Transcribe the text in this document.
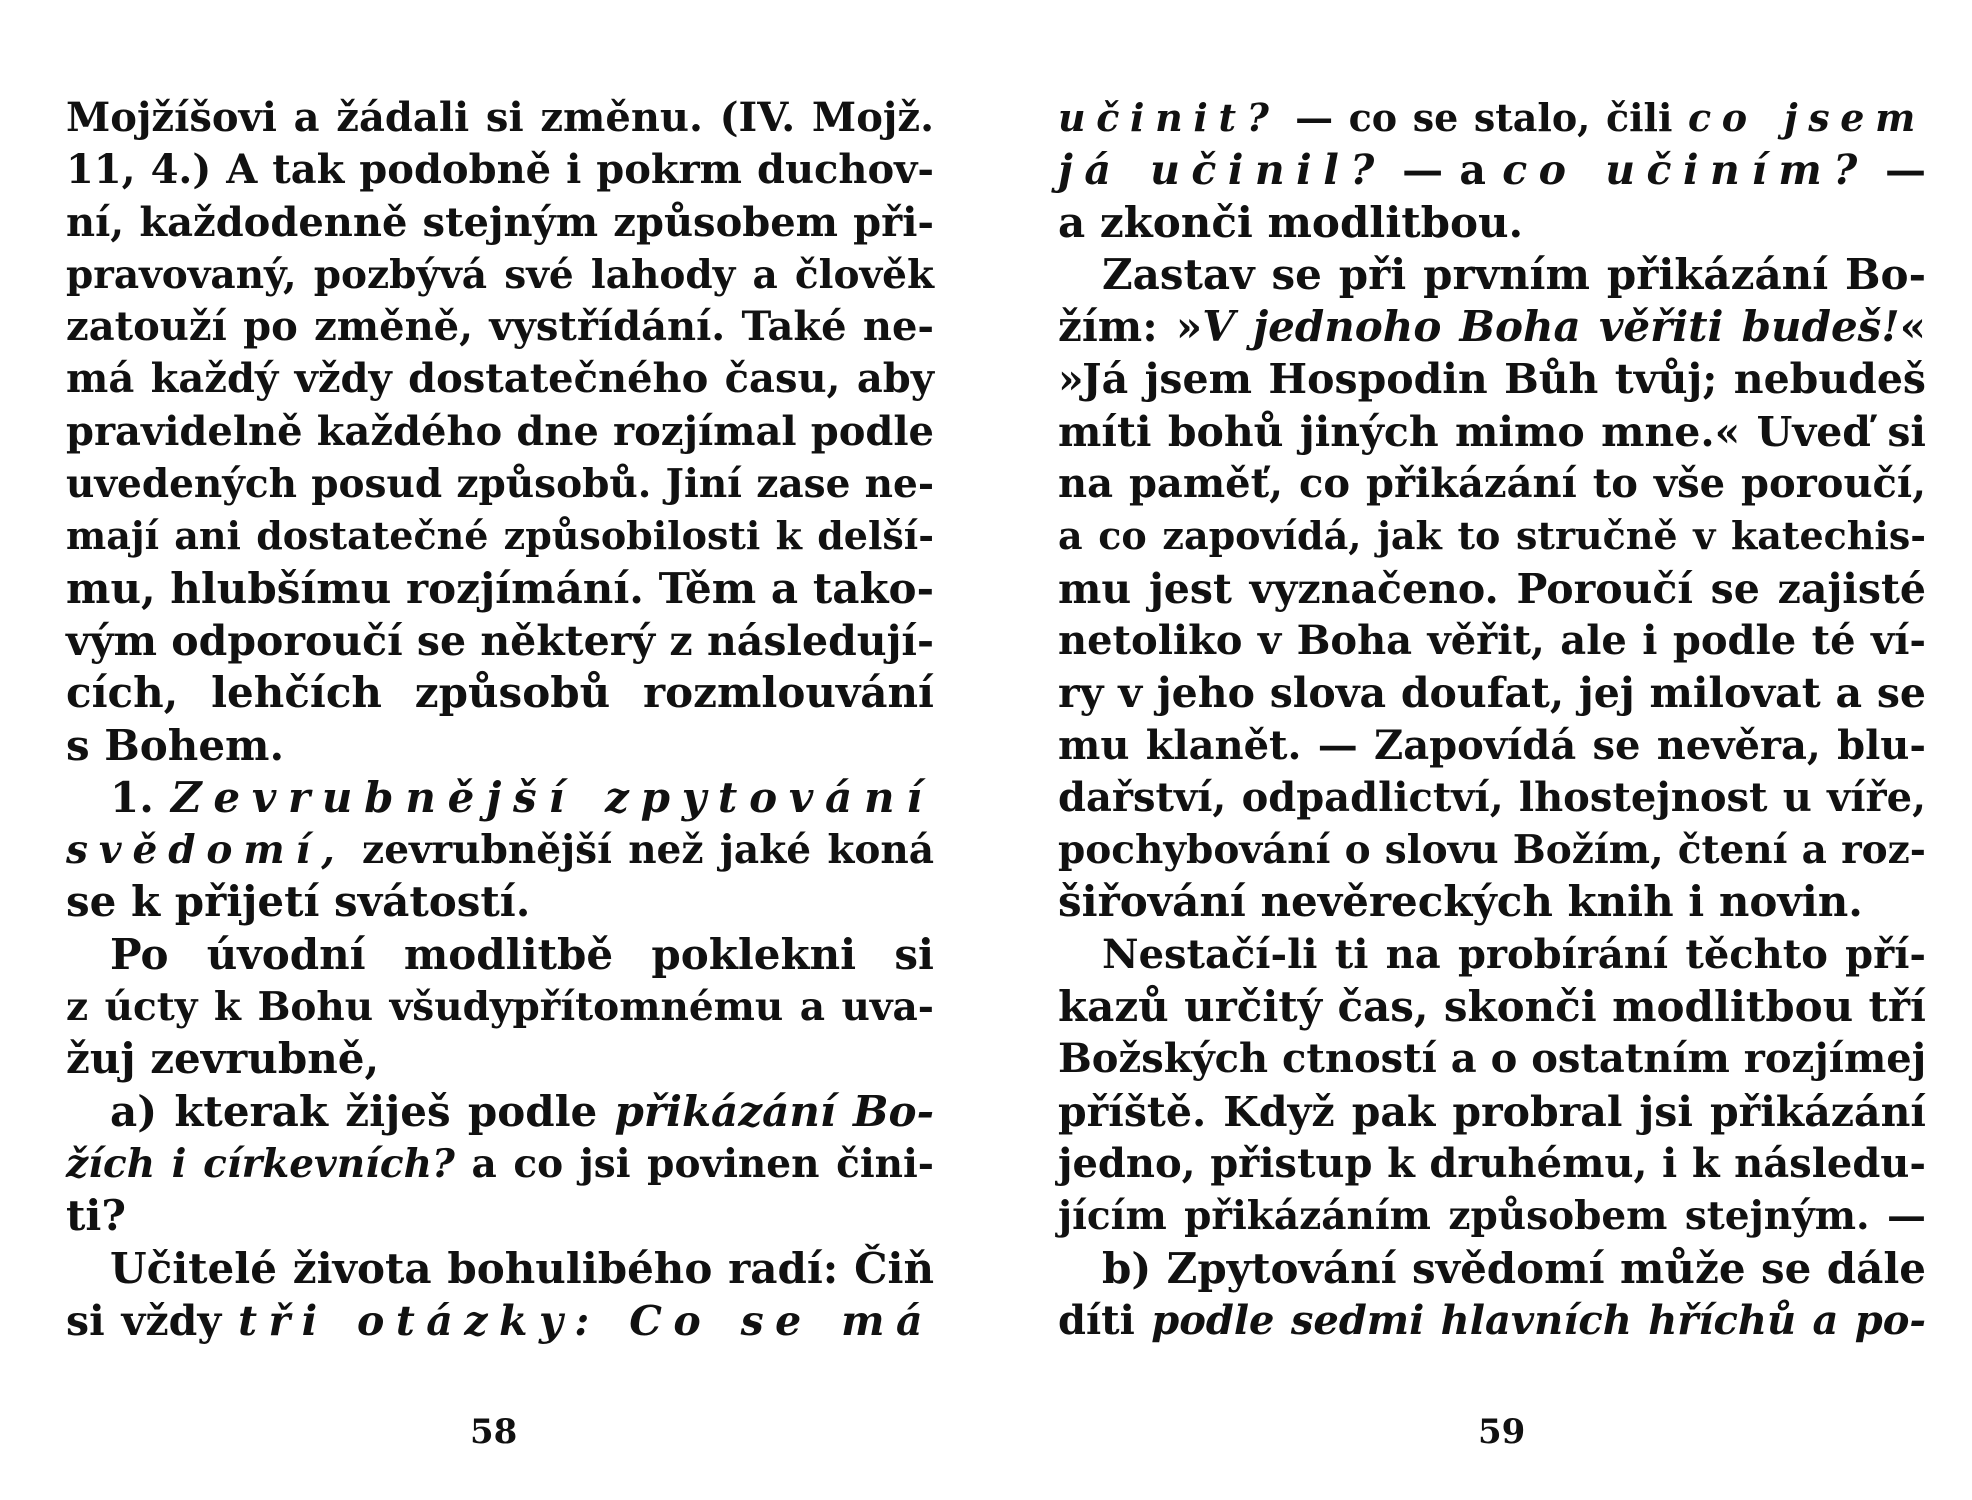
Mojžíšovi a žádali si změnu. (IV. Mojž.
11, 4.) A tak podobně i pokrm duchov-
ní, každodenně stejným způsobem při-
pravovaný, pozbývá své lahody a člověk
zatouží po změně, vystřídání. Také ne-
má každý vždy dostatečného času, aby
pravidelně každého dne rozjímal podle
uvedených posud způsobů. Jiní zase ne-
mají ani dostatečné způsobilosti k delší-
mu, hlubšímu rozjímání. Těm a tako-
vým odporoučí se některý z následují-
cích, lehčích způsobů rozmlouvání
s Bohem.
1. Zevrubnější zpytování
svědomí, zevrubnější než jaké koná
se k přijetí svátostí.
Po úvodní modlitbě poklekni si
z úcty k Bohu všudypřítomnému a uva-
žuj zevrubně,
a) kterak žiješ podle přikázání Bo-
žích i církevních? a co jsi povinen čini-
ti?
Učitelé života bohulibého radí: Čiň
si vždy tři otázky: Co se má
58
učinit? — co se stalo, čili co jsem
já učinil? — a co učiním? —
a zkonči modlitbou.
Zastav se při prvním přikázání Bo-
žím: »V jednoho Boha věřiti budeš!«
»Já jsem Hospodin Bůh tvůj; nebudeš
míti bohů jiných mimo mne.« Uveď si
na paměť, co přikázání to vše poroučí,
a co zapovídá, jak to stručně v katechis-
mu jest vyznačeno. Poroučí se zajisté
netoliko v Boha věřit, ale i podle té ví-
ry v jeho slova doufat, jej milovat a se
mu klanět. — Zapovídá se nevěra, blu-
dařství, odpadlictví, lhostejnost u víře,
pochybování o slovu Božím, čtení a roz-
šiřování nevěreckých knih i novin.
Nestačí-li ti na probírání těchto pří-
kazů určitý čas, skonči modlitbou tří
Božských ctností a o ostatním rozjímej
příště. Když pak probral jsi přikázání
jedno, přistup k druhému, i k následu-
jícím přikázáním způsobem stejným. —
b) Zpytování svědomí může se dále
díti podle sedmi hlavních hříchů a po-
59
